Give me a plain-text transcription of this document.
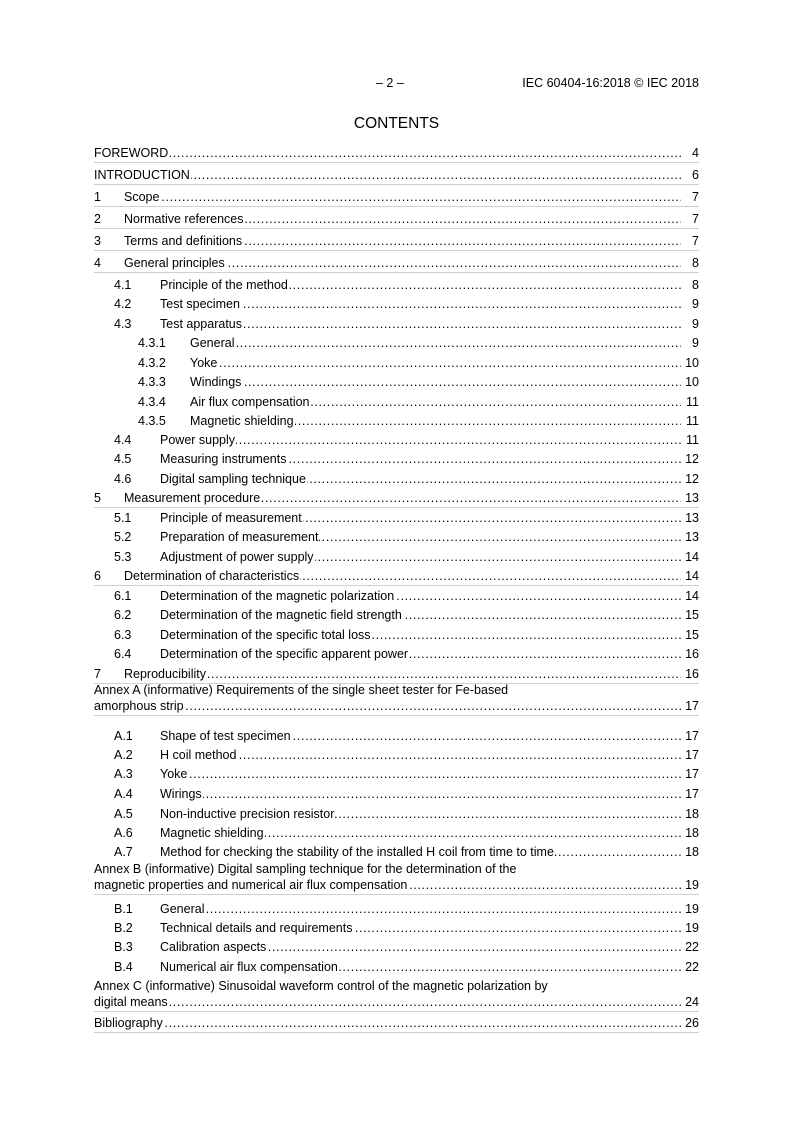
– 2 –	IEC 60404-16:2018 © IEC 2018
CONTENTS
. . . FOREWORD	4
. . . INTRODUCTION	6
1 . . . Scope	7
2 . . . Normative references	7
3 . . . Terms and definitions	7
4 . . . General principles	8
4.1 . . . Principle of the method	8
4.2 . . . Test specimen	9
4.3 . . . Test apparatus	9
4.3.1 . . . General	9
4.3.2 . . . Yoke	10
4.3.3 . . . Windings	10
4.3.4 . . . Air flux compensation	11
4.3.5 . . . Magnetic shielding	11
4.4 . . . Power supply	11
4.5 . . . Measuring instruments	12
4.6 . . . Digital sampling technique	12
5 . . . Measurement procedure	13
5.1 . . . Principle of measurement	13
5.2 . . . Preparation of measurement	13
5.3 . . . Adjustment of power supply	14
6 . . . Determination of characteristics	14
6.1 . . . Determination of the magnetic polarization	14
6.2 . . . Determination of the magnetic field strength	15
6.3 . . . Determination of the specific total loss	15
6.4 . . . Determination of the specific apparent power	16
7 . . . Reproducibility	16
Annex A (informative) Requirements of the single sheet tester for Fe-based
. . . amorphous strip	17
A.1 . . . Shape of test specimen	17
A.2 . . . H coil method	17
A.3 . . . Yoke	17
A.4 . . . Wirings	17
A.5 . . . Non-inductive precision resistor	18
A.6 . . . Magnetic shielding	18
A.7 . . . Method for checking the stability of the installed H coil from time to time	18
Annex B (informative) Digital sampling technique for the determination of the
. . . magnetic properties and numerical air flux compensation	19
B.1 . . . General	19
B.2 . . . Technical details and requirements	19
B.3 . . . Calibration aspects	22
B.4 . . . Numerical air flux compensation	22
Annex C (informative) Sinusoidal waveform control of the magnetic polarization by
. . . digital means	24
. . . Bibliography	26
